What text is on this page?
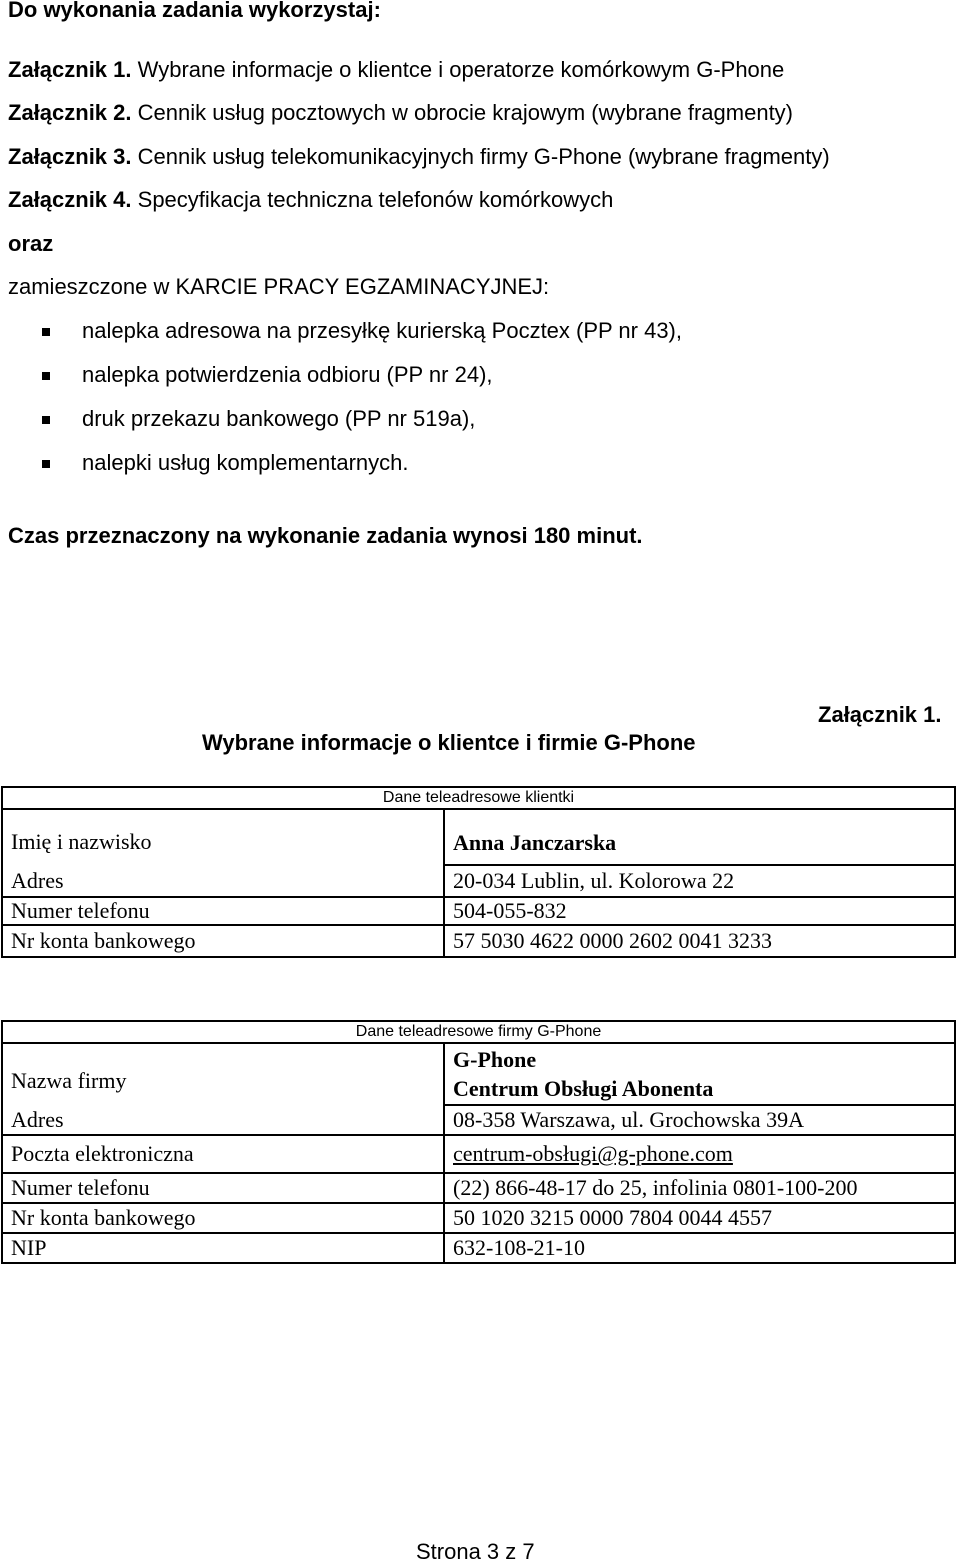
Do wykonania zadania wykorzystaj:
Załącznik 1. Wybrane informacje o klientce i operatorze komórkowym G-Phone
Załącznik 2. Cennik usług pocztowych w obrocie krajowym (wybrane fragmenty)
Załącznik 3. Cennik usług telekomunikacyjnych firmy G-Phone (wybrane fragmenty)
Załącznik 4. Specyfikacja techniczna telefonów komórkowych
oraz
zamieszczone w KARCIE PRACY EGZAMINACYJNEJ:
nalepka adresowa na przesyłkę kurierską Pocztex (PP nr 43),
nalepka potwierdzenia odbioru (PP nr 24),
druk przekazu bankowego (PP nr 519a),
nalepki usług komplementarnych.
Czas przeznaczony na wykonanie zadania wynosi 180 minut.
Załącznik 1.
Wybrane informacje o klientce i firmie G-Phone
Dane teleadresowe klientki	
Imię i nazwisko	Anna Janczarska
Adres	20-034 Lublin, ul. Kolorowa 22
Numer telefonu	504-055-832
Nr konta bankowego	57 5030 4622 0000 2602 0041 3233
Dane teleadresowe firmy G-Phone	
Nazwa firmy	G-Phone
Centrum Obsługi Abonenta

Adres	08-358 Warszawa, ul. Grochowska 39A
Poczta elektroniczna	centrum-obsługi@g-phone.com
Numer telefonu	(22) 866-48-17 do 25, infolinia 0801-100-200
Nr konta bankowego	50 1020 3215 0000 7804 0044 4557
NIP	632-108-21-10
Strona 3 z 7
